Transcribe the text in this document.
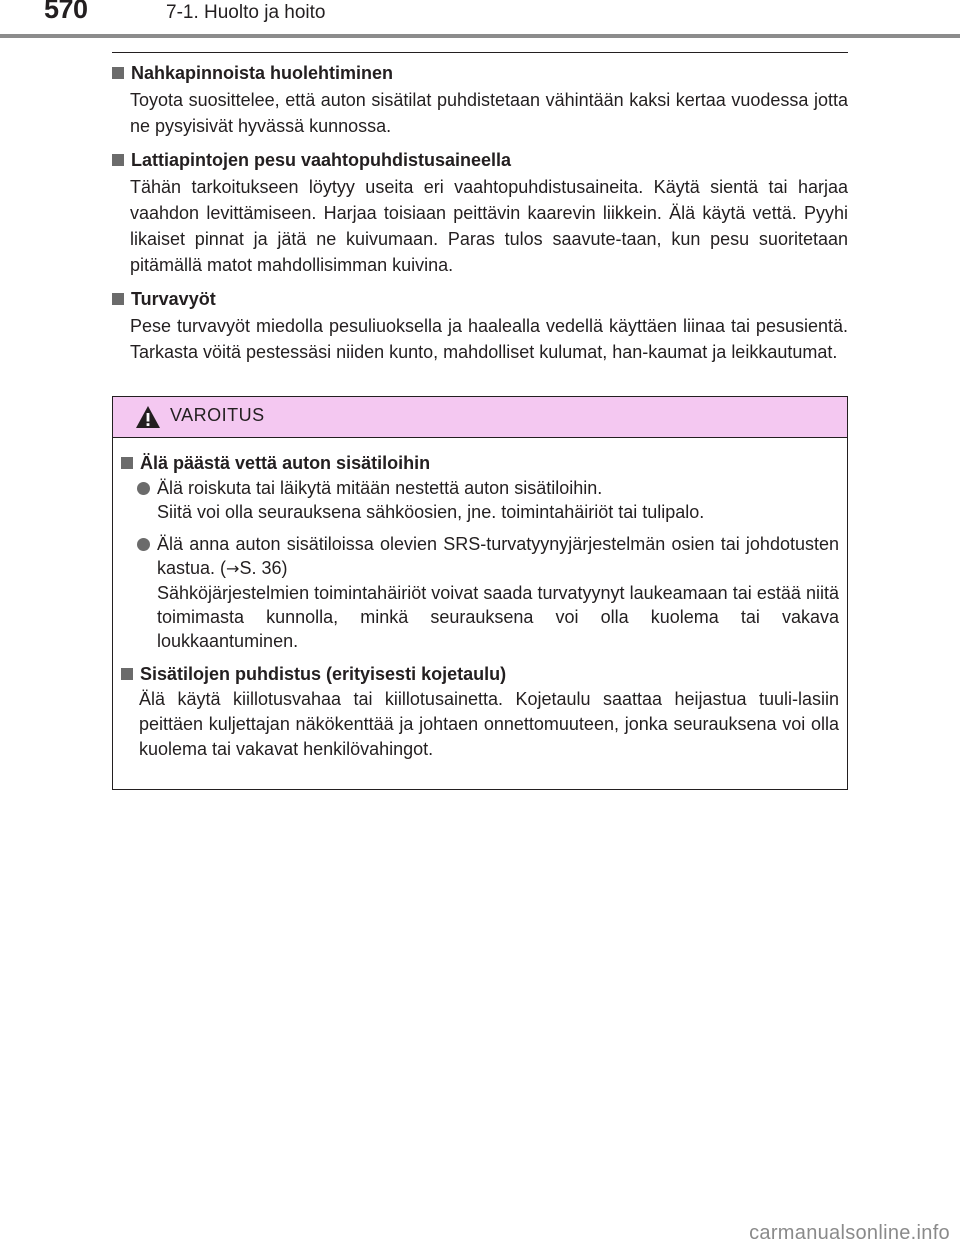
570	7-1. Huolto ja hoito
Nahkapinnoista huolehtiminen
Toyota suosittelee, että auton sisätilat puhdistetaan vähintään kaksi kertaa vuodessa jotta ne pysyisivät hyvässä kunnossa.
Lattiapintojen pesu vaahtopuhdistusaineella
Tähän tarkoitukseen löytyy useita eri vaahtopuhdistusaineita. Käytä sientä tai harjaa vaahdon levittämiseen. Harjaa toisiaan peittävin kaarevin liikkein. Älä käytä vettä. Pyyhi likaiset pinnat ja jätä ne kuivumaan. Paras tulos saavute-taan, kun pesu suoritetaan pitämällä matot mahdollisimman kuivina.
Turvavyöt
Pese turvavyöt miedolla pesuliuoksella ja haalealla vedellä käyttäen liinaa tai pesusientä. Tarkasta vöitä pestessäsi niiden kunto, mahdolliset kulumat, han-kaumat ja leikkautumat.
VAROITUS
Älä päästä vettä auton sisätiloihin
Älä roiskuta tai läikytä mitään nestettä auton sisätiloihin.
Siitä voi olla seurauksena sähköosien, jne. toimintahäiriöt tai tulipalo.
Älä anna auton sisätiloissa olevien SRS-turvatyynyjärjestelmän osien tai johdotusten kastua. (→S. 36)
Sähköjärjestelmien toimintahäiriöt voivat saada turvatyynyt laukeamaan tai estää niitä toimimasta kunnolla, minkä seurauksena voi olla kuolema tai vakava loukkaantuminen.
Sisätilojen puhdistus (erityisesti kojetaulu)
Älä käytä kiillotusvahaa tai kiillotusainetta. Kojetaulu saattaa heijastua tuuli-lasiin peittäen kuljettajan näkökenttää ja johtaen onnettomuuteen, jonka seurauksena voi olla kuolema tai vakavat henkilövahingot.
carmanualsonline.info
